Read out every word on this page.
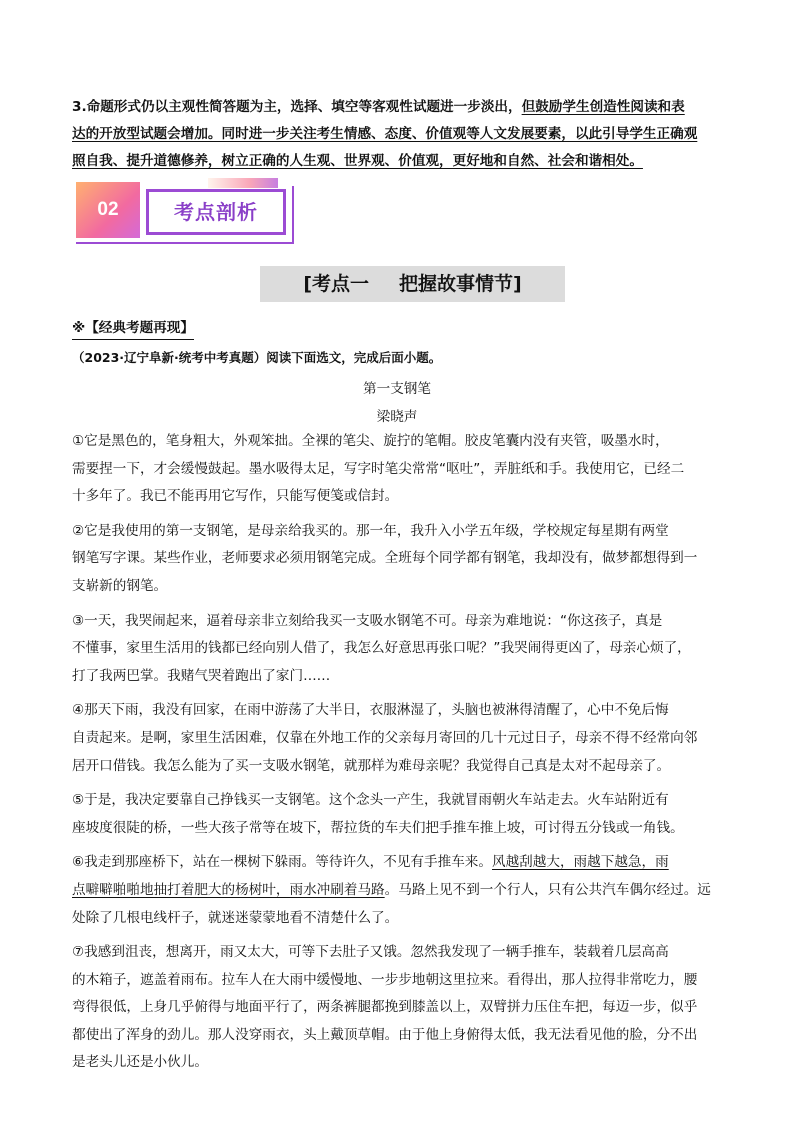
3.命题形式仍以主观性简答题为主，选择、填空等客观性试题进一步淡出，但鼓励学生创造性阅读和表
达的开放型试题会增加。同时进一步关注考生情感、态度、价值观等人文发展要素，以此引导学生正确观
照自我、提升道德修养，树立正确的人生观、世界观、价值观，更好地和自然、社会和谐相处。
02	考点剖析
[考点一 把握故事情节]
※【经典考题再现】
（2023·辽宁阜新·统考中考真题）阅读下面选文，完成后面小题。
第一支钢笔
梁晓声
①它是黑色的，笔身粗大，外观笨拙。全裸的笔尖、旋拧的笔帽。胶皮笔囊内没有夹管，吸墨水时，
需要捏一下，才会缓慢鼓起。墨水吸得太足，写字时笔尖常常“呕吐”，弄脏纸和手。我使用它，已经二
十多年了。我已不能再用它写作，只能写便笺或信封。
②它是我使用的第一支钢笔，是母亲给我买的。那一年，我升入小学五年级，学校规定每星期有两堂
钢笔写字课。某些作业，老师要求必须用钢笔完成。全班每个同学都有钢笔，我却没有，做梦都想得到一
支崭新的钢笔。
③一天，我哭闹起来，逼着母亲非立刻给我买一支吸水钢笔不可。母亲为难地说：“你这孩子，真是
不懂事，家里生活用的钱都已经向别人借了，我怎么好意思再张口呢？”我哭闹得更凶了，母亲心烦了，
打了我两巴掌。我赌气哭着跑出了家门……
④那天下雨，我没有回家，在雨中游荡了大半日，衣服淋湿了，头脑也被淋得清醒了，心中不免后悔
自责起来。是啊，家里生活困难，仅靠在外地工作的父亲每月寄回的几十元过日子，母亲不得不经常向邻
居开口借钱。我怎么能为了买一支吸水钢笔，就那样为难母亲呢？我觉得自己真是太对不起母亲了。
⑤于是，我决定要靠自己挣钱买一支钢笔。这个念头一产生，我就冒雨朝火车站走去。火车站附近有
座坡度很陡的桥，一些大孩子常等在坡下，帮拉货的车夫们把手推车推上坡，可讨得五分钱或一角钱。
⑥我走到那座桥下，站在一棵树下躲雨。等待许久，不见有手推车来。风越刮越大，雨越下越急，雨
点噼噼啪啪地抽打着肥大的杨树叶，雨水冲刷着马路。马路上见不到一个行人，只有公共汽车偶尔经过。远
处除了几根电线杆子，就迷迷蒙蒙地看不清楚什么了。
⑦我感到沮丧，想离开，雨又太大，可等下去肚子又饿。忽然我发现了一辆手推车，装载着几层高高
的木箱子，遮盖着雨布。拉车人在大雨中缓慢地、一步步地朝这里拉来。看得出，那人拉得非常吃力，腰
弯得很低，上身几乎俯得与地面平行了，两条裤腿都挽到膝盖以上，双臂拼力压住车把，每迈一步，似乎
都使出了浑身的劲儿。那人没穿雨衣，头上戴顶草帽。由于他上身俯得太低，我无法看见他的脸，分不出
是老头儿还是小伙儿。
